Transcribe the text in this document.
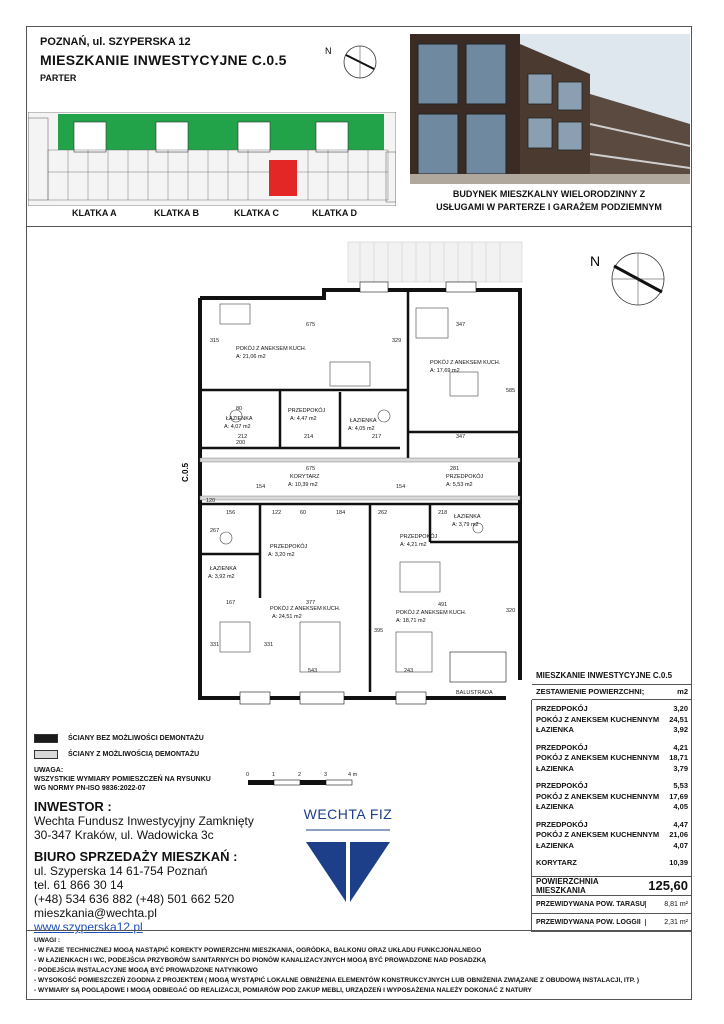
POZNAŃ, ul. SZYPERSKA 12
MIESZKANIE INWESTYCYJNE C.0.5
PARTER
N
KLATKA A	KLATKA B	KLATKA C	KLATKA D
BUDYNEK MIESZKALNY WIELORODZINNY Z
USŁUGAMI W PARTERZE I GARAŻEM PODZIEMNYM
N
POKÓJ Z ANEKSEM KUCH.
A: 21,06 m2
POKÓJ Z ANEKSEM KUCH.
A: 17,69 m2
ŁAZIENKA
A: 4,07 m2
PRZEDPOKÓJ
A: 4,47 m2	ŁAZIENKA
A: 4,05 m2
KORYTARZ
A: 10,39 m2
PRZEDPOKÓJ
A: 5,53 m2
ŁAZIENKA
A: 3,79 m2
PRZEDPOKÓJ
A: 4,21 m2
PRZEDPOKÓJ
A: 3,20 m2
ŁAZIENKA
A: 3,92 m2
POKÓJ Z ANEKSEM KUCH.
A: 24,51 m2
POKÓJ Z ANEKSEM KUCH.
A: 18,71 m2
675	347
315	329
212	214	217	347
675	281
154	154
156	122	60	184	262	218
267
167	377	491
331	331
543	243
395
320
585
80
200
120
C.0.5
BALUSTRADA
ŚCIANY BEZ MOŻLIWOŚCI DEMONTAŻU
ŚCIANY Z MOŻLIWOŚCIĄ DEMONTAŻU
UWAGA:
WSZYSTKIE WYMIARY POMIESZCZEŃ NA RYSUNKU
WG NORMY PN-ISO 9836:2022-07
0	1	2	3	4 m
INWESTOR :
Wechta Fundusz Inwestycyjny Zamknięty
30-347 Kraków, ul. Wadowicka 3c
BIURO SPRZEDAŻY MIESZKAŃ :
ul. Szyperska 14 61-754 Poznań
tel. 61 866 30 14
(+48) 534 636 882 (+48) 501 662 520
mieszkania@wechta.pl
www.szyperska12.pl
WECHTA FIZ
MIESZKANIE INWESTYCYJNE C.0.5
ZESTAWIENIE POWIERZCHNI;	m2
PRZEDPOKÓJ	3,20
POKÓJ Z ANEKSEM KUCHENNYM 24,51
ŁAZIENKA	3,92
PRZEDPOKÓJ	4,21
POKÓJ Z ANEKSEM KUCHENNYM 18,71
ŁAZIENKA	3,79
PRZEDPOKÓJ	5,53
POKÓJ Z ANEKSEM KUCHENNYM 17,69
ŁAZIENKA	4,05
PRZEDPOKÓJ	4,47
POKÓJ Z ANEKSEM KUCHENNYM 21,06
ŁAZIENKA	4,07
KORYTARZ	10,39
POWIERZCHNIA MIESZKANIA	125,60
PRZEWIDYWANA POW. TARASU	8,81 m²
PRZEWIDYWANA POW. LOGGII	2,31 m²
UWAGI :
- W FAZIE TECHNICZNEJ MOGĄ NASTĄPIĆ KOREKTY POWIERZCHNI MIESZKANIA, OGRÓDKA, BALKONU ORAZ UKŁADU FUNKCJONALNEGO
- W ŁAZIENKACH I WC, PODEJŚCIA PRZYBORÓW SANITARNYCH DO PIONÓW KANALIZACYJNYCH MOGĄ BYĆ PROWADZONE NAD POSADZKĄ
- PODEJŚCIA INSTALACYJNE MOGĄ BYĆ PROWADZONE NATYNKOWO
- WYSOKOŚĆ POMIESZCZEŃ ZGODNA Z PROJEKTEM ( MOGĄ WYSTĄPIĆ LOKALNE OBNIŻENIA ELEMENTÓW KONSTRUKCYJNYCH LUB OBNIŻENIA ZWIĄZANE Z OBUDOWĄ INSTALACJI, ITP. )
- WYMIARY SĄ POGLĄDOWE I MOGĄ ODBIEGAĆ OD REALIZACJI, POMIARÓW POD ZAKUP MEBLI, URZĄDZEŃ I WYPOSAŻENIA NALEŻY DOKONAĆ Z NATURY
